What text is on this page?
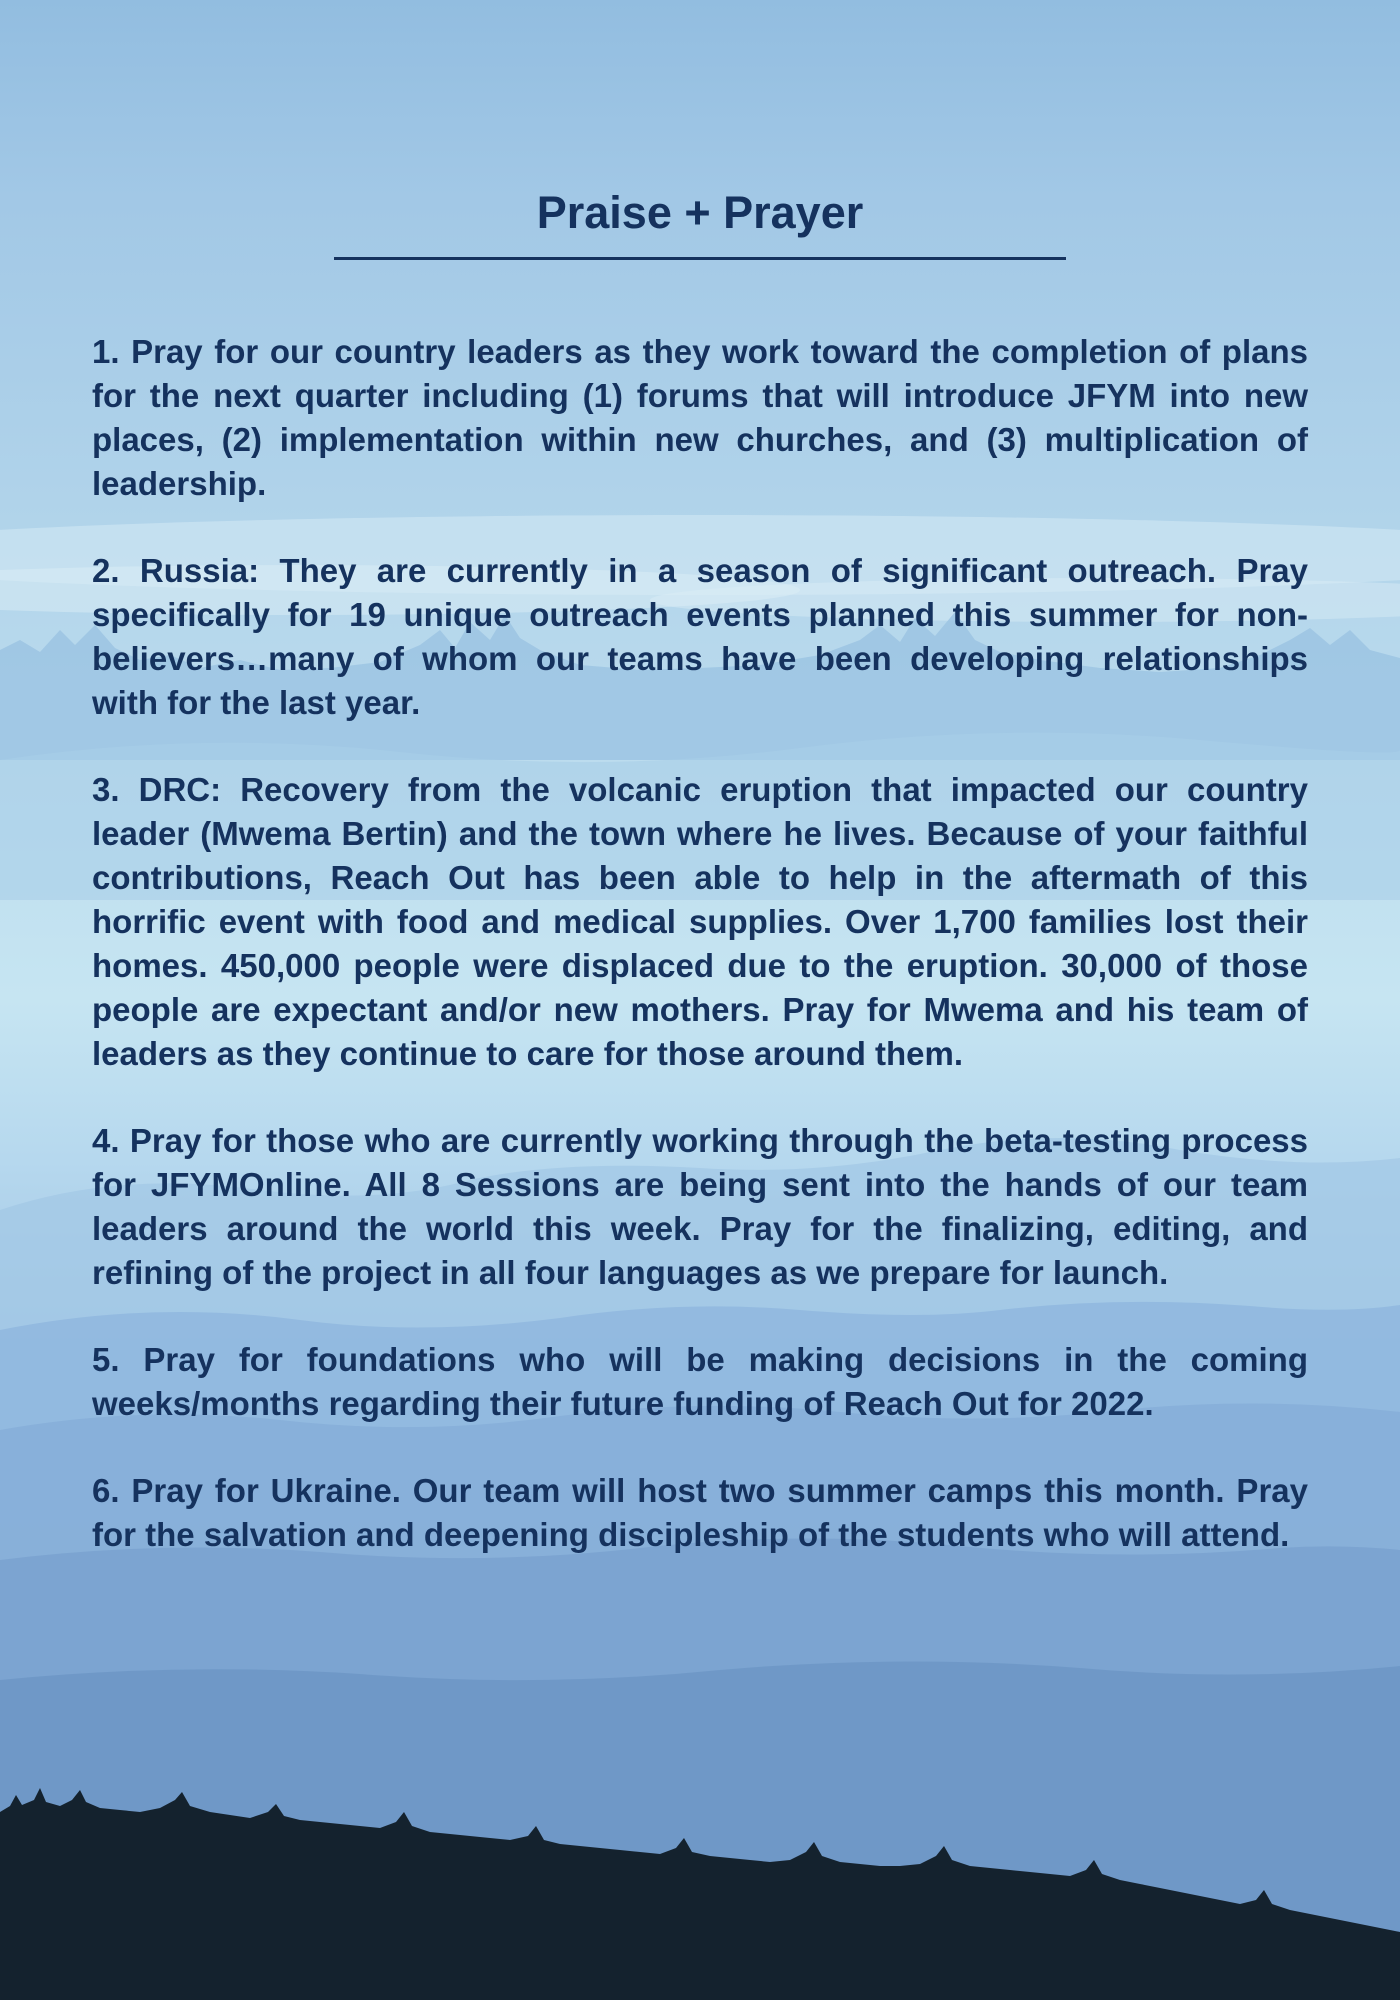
Praise + Prayer

1. Pray for our country leaders as they work toward the completion of plans for the next quarter including (1) forums that will introduce JFYM into new places, (2) implementation within new churches, and (3) multiplication of leadership.

2. Russia: They are currently in a season of significant outreach. Pray specifically for 19 unique outreach events planned this summer for non-believers…many of whom our teams have been developing relationships with for the last year.

3. DRC: Recovery from the volcanic eruption that impacted our country leader (Mwema Bertin) and the town where he lives. Because of your faithful contributions, Reach Out has been able to help in the aftermath of this horrific event with food and medical supplies. Over 1,700 families lost their homes. 450,000 people were displaced due to the eruption. 30,000 of those people are expectant and/or new mothers. Pray for Mwema and his team of leaders as they continue to care for those around them.

4. Pray for those who are currently working through the beta-testing process for JFYMOnline. All 8 Sessions are being sent into the hands of our team leaders around the world this week. Pray for the finalizing, editing, and refining of the project in all four languages as we prepare for launch.

5. Pray for foundations who will be making decisions in the coming weeks/months regarding their future funding of Reach Out for 2022.

6. Pray for Ukraine. Our team will host two summer camps this month. Pray for the salvation and deepening discipleship of the students who will attend.
